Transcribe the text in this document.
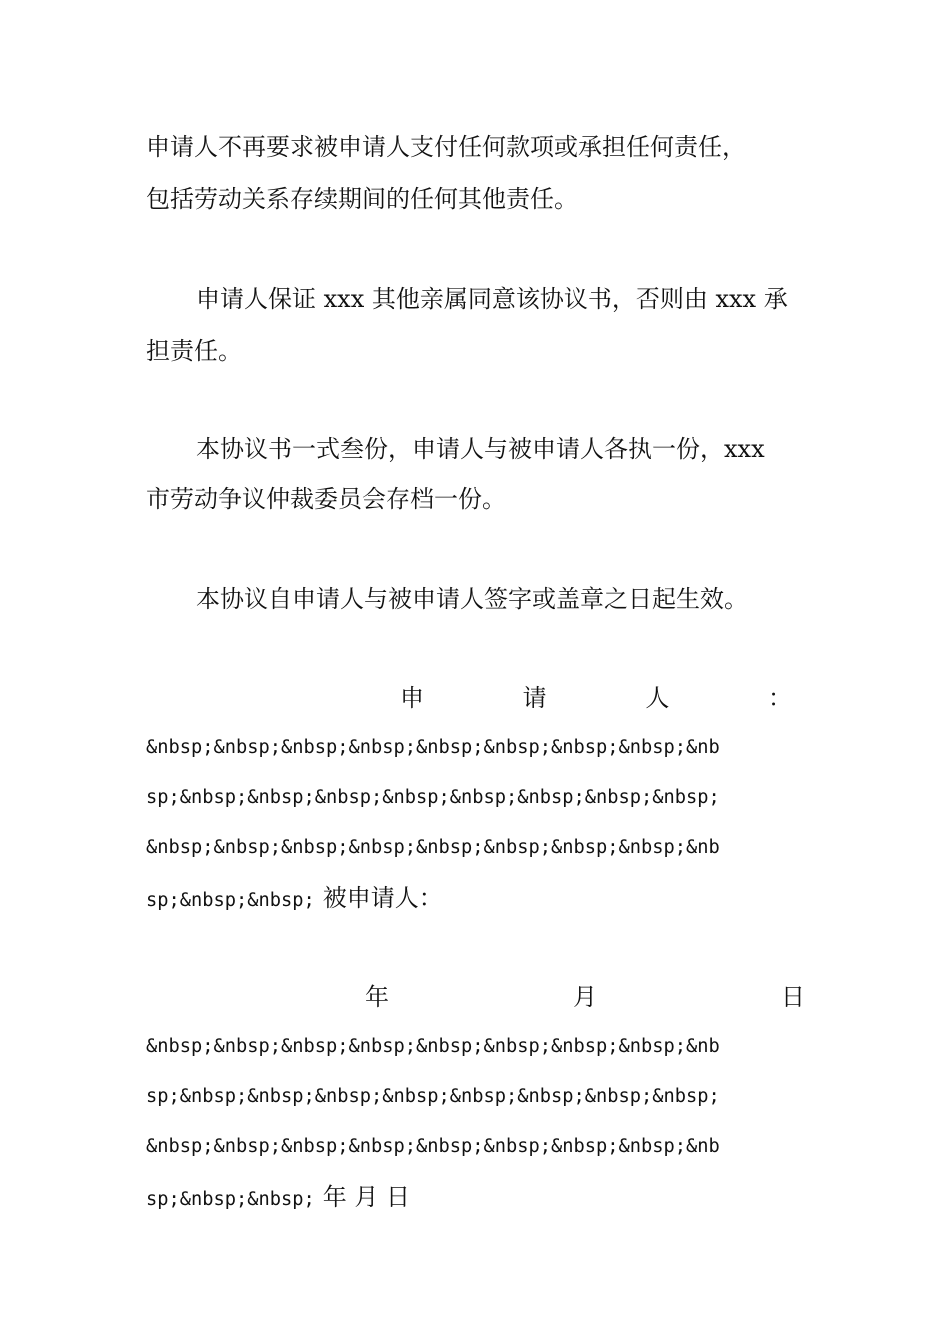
申请人不再要求被申请人支付任何款项或承担任何责任，
包括劳动关系存续期间的任何其他责任。
申请人保证 xxx 其他亲属同意该协议书，否则由 xxx 承
担责任。
本协议书一式叁份，申请人与被申请人各执一份，xxx
市劳动争议仲裁委员会存档一份。
本协议自申请人与被申请人签字或盖章之日起生效。
申	请	人	：
&nbsp;&nbsp;&nbsp;&nbsp;&nbsp;&nbsp;&nbsp;&nbsp;&nb
sp;&nbsp;&nbsp;&nbsp;&nbsp;&nbsp;&nbsp;&nbsp;&nbsp;
&nbsp;&nbsp;&nbsp;&nbsp;&nbsp;&nbsp;&nbsp;&nbsp;&nb
sp;&nbsp;&nbsp; 被申请人：
年	月	日
&nbsp;&nbsp;&nbsp;&nbsp;&nbsp;&nbsp;&nbsp;&nbsp;&nb
sp;&nbsp;&nbsp;&nbsp;&nbsp;&nbsp;&nbsp;&nbsp;&nbsp;
&nbsp;&nbsp;&nbsp;&nbsp;&nbsp;&nbsp;&nbsp;&nbsp;&nb
sp;&nbsp;&nbsp; 年 月 日
